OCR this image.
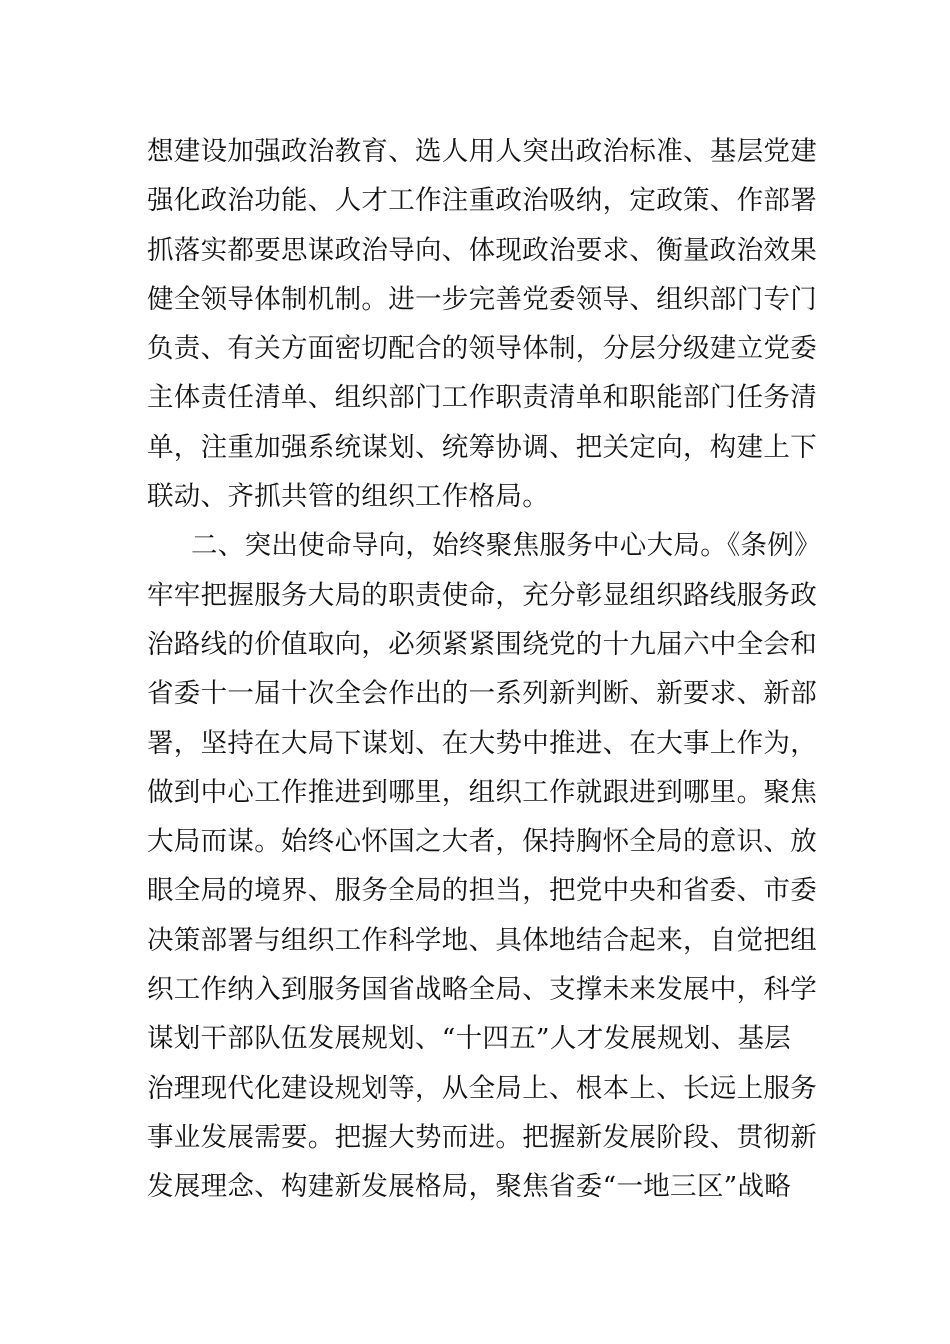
想建设加强政治教育、选人用人突出政治标准、基层党建
强化政治功能、人才工作注重政治吸纳，定政策、作部署
抓落实都要思谋政治导向、体现政治要求、衡量政治效果
健全领导体制机制。进一步完善党委领导、组织部门专门
负责、有关方面密切配合的领导体制，分层分级建立党委
主体责任清单、组织部门工作职责清单和职能部门任务清
单，注重加强系统谋划、统筹协调、把关定向，构建上下
联动、齐抓共管的组织工作格局。
二、突出使命导向，始终聚焦服务中心大局。《条例》
牢牢把握服务大局的职责使命，充分彰显组织路线服务政
治路线的价值取向，必须紧紧围绕党的十九届六中全会和
省委十一届十次全会作出的一系列新判断、新要求、新部
署，坚持在大局下谋划、在大势中推进、在大事上作为，
做到中心工作推进到哪里，组织工作就跟进到哪里。聚焦
大局而谋。始终心怀国之大者，保持胸怀全局的意识、放
眼全局的境界、服务全局的担当，把党中央和省委、市委
决策部署与组织工作科学地、具体地结合起来，自觉把组
织工作纳入到服务国省战略全局、支撑未来发展中，科学
谋划干部队伍发展规划、“十四五”人才发展规划、基层
治理现代化建设规划等，从全局上、根本上、长远上服务
事业发展需要。把握大势而进。把握新发展阶段、贯彻新
发展理念、构建新发展格局，聚焦省委“一地三区”战略
